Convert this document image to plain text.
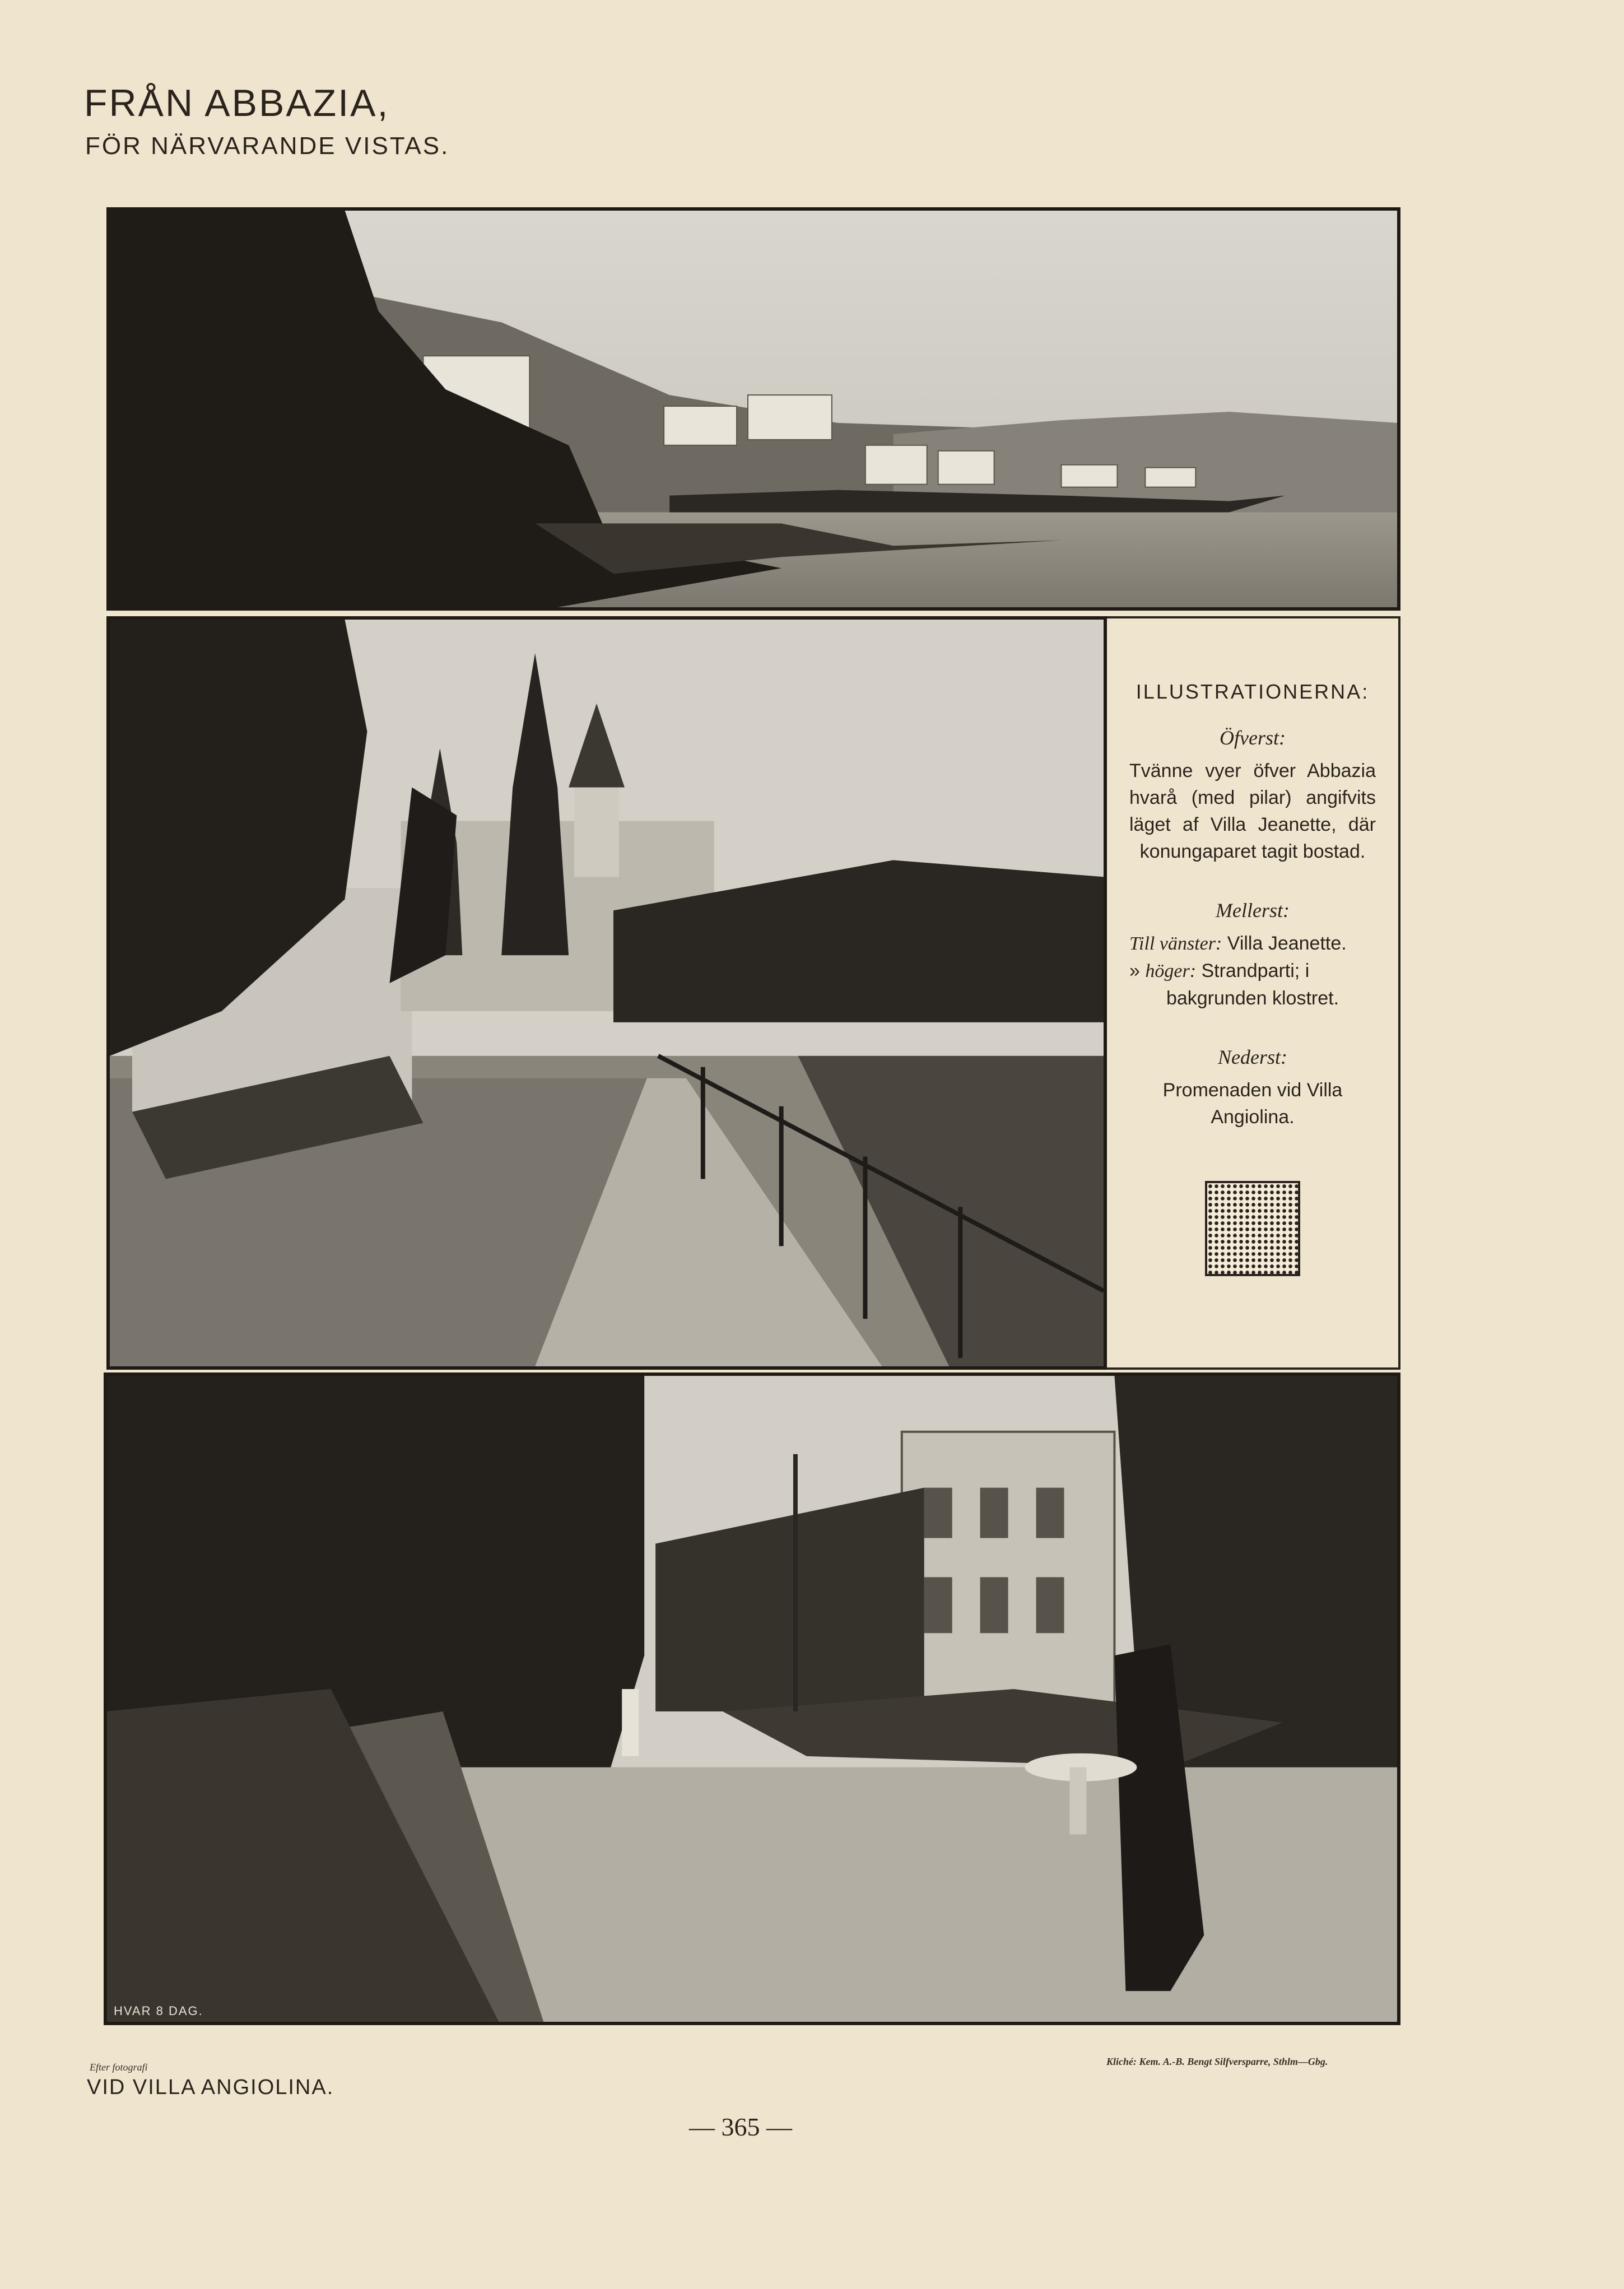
FRÅN ABBAZIA,
FÖR NÄRVARANDE VISTAS.
ILLUSTRATIONERNA:
Öfverst:
Tvänne vyer öfver Abbazia hvarå (med pilar) angifvits läget af Villa Jeanette, där konungaparet tagit bostad.
Mellerst:
Till vänster: Villa Jeanette.
» höger: Strandparti; i
bakgrunden klostret.
Nederst:
Promenaden vid Villa Angiolina.
HVAR 8 DAG.
Efter fotografi
VID VILLA ANGIOLINA.
Kliché: Kem. A.-B. Bengt Silfversparre, Sthlm—Gbg.
— 365 —
